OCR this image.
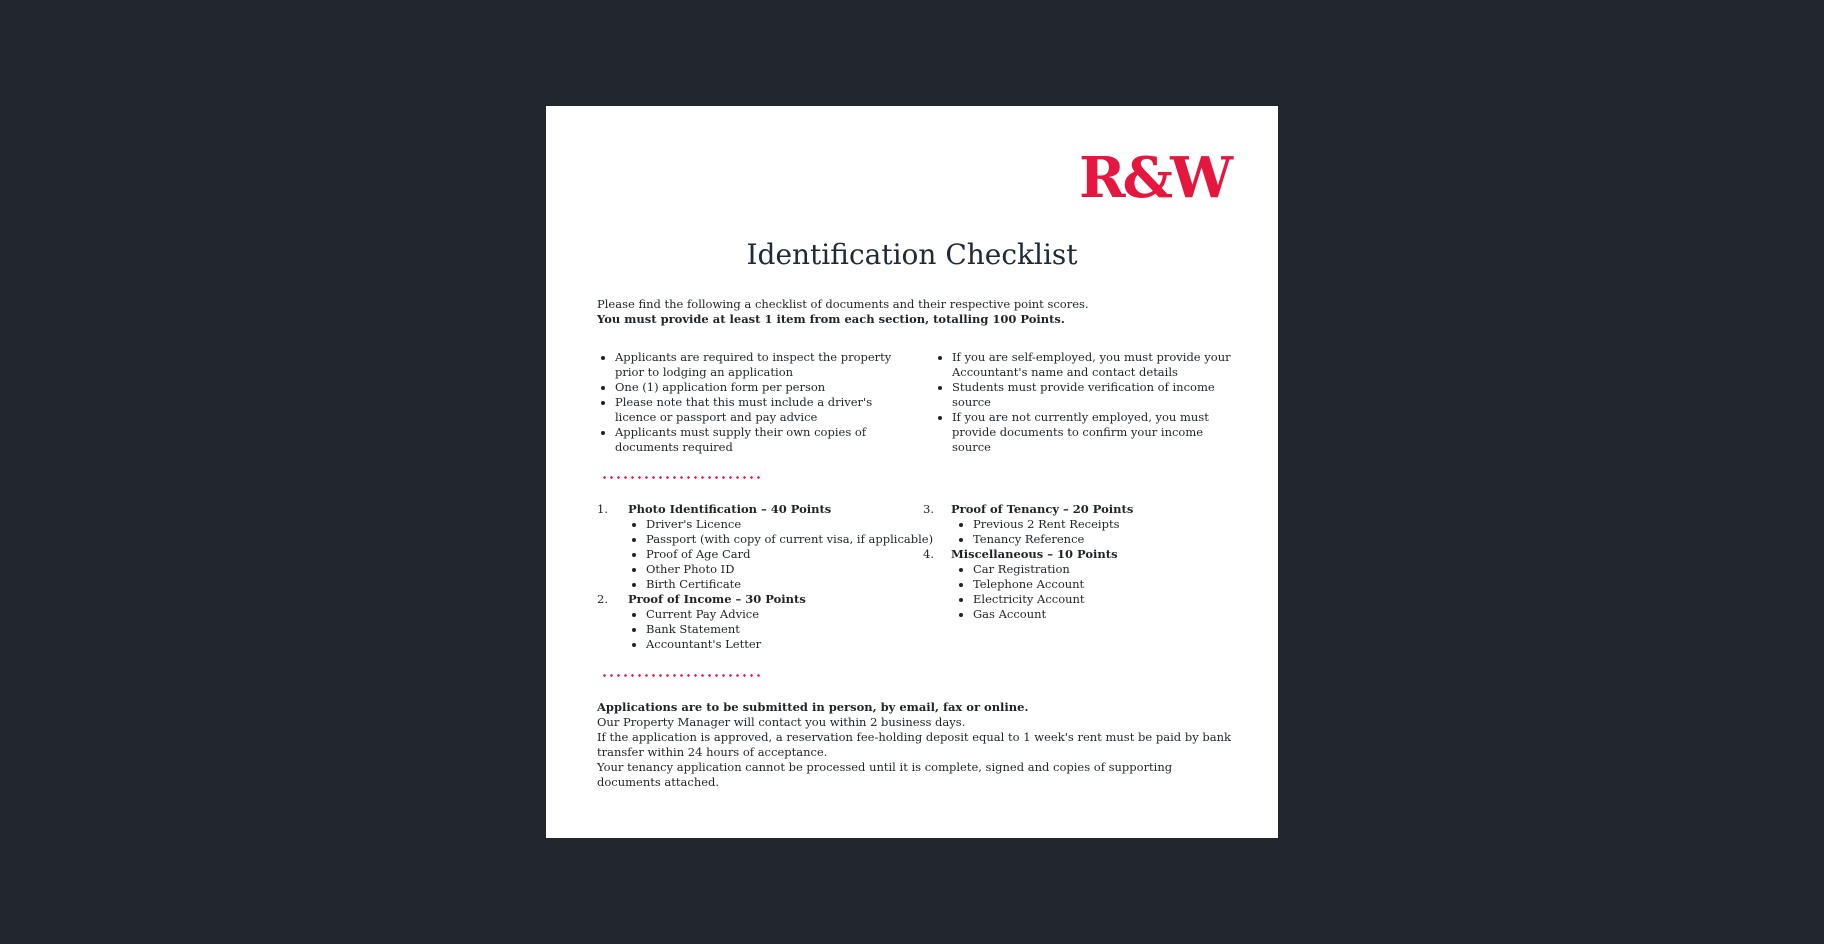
R&W
Identification Checklist
Please find the following a checklist of documents and their respective point scores.
You must provide at least 1 item from each section, totalling 100 Points.
• Applicants are required to inspect the property prior to lodging an application
• One (1) application form per person
• Please note that this must include a driver's licence or passport and pay advice
• Applicants must supply their own copies of documents required
• If you are self-employed, you must provide your Accountant's name and contact details
• Students must provide verification of income source
• If you are not currently employed, you must provide documents to confirm your income source
1.	Photo Identification – 40 Points
• Driver's Licence
• Passport (with copy of current visa, if applicable)
• Proof of Age Card
• Other Photo ID
• Birth Certificate
2.	Proof of Income – 30 Points
• Current Pay Advice
• Bank Statement
• Accountant's Letter
3.	Proof of Tenancy – 20 Points
• Previous 2 Rent Receipts
• Tenancy Reference
4.	Miscellaneous – 10 Points
• Car Registration
• Telephone Account
• Electricity Account
• Gas Account
Applications are to be submitted in person, by email, fax or online.
Our Property Manager will contact you within 2 business days.
If the application is approved, a reservation fee-holding deposit equal to 1 week's rent must be paid by bank transfer within 24 hours of acceptance.
Your tenancy application cannot be processed until it is complete, signed and copies of supporting documents attached.
